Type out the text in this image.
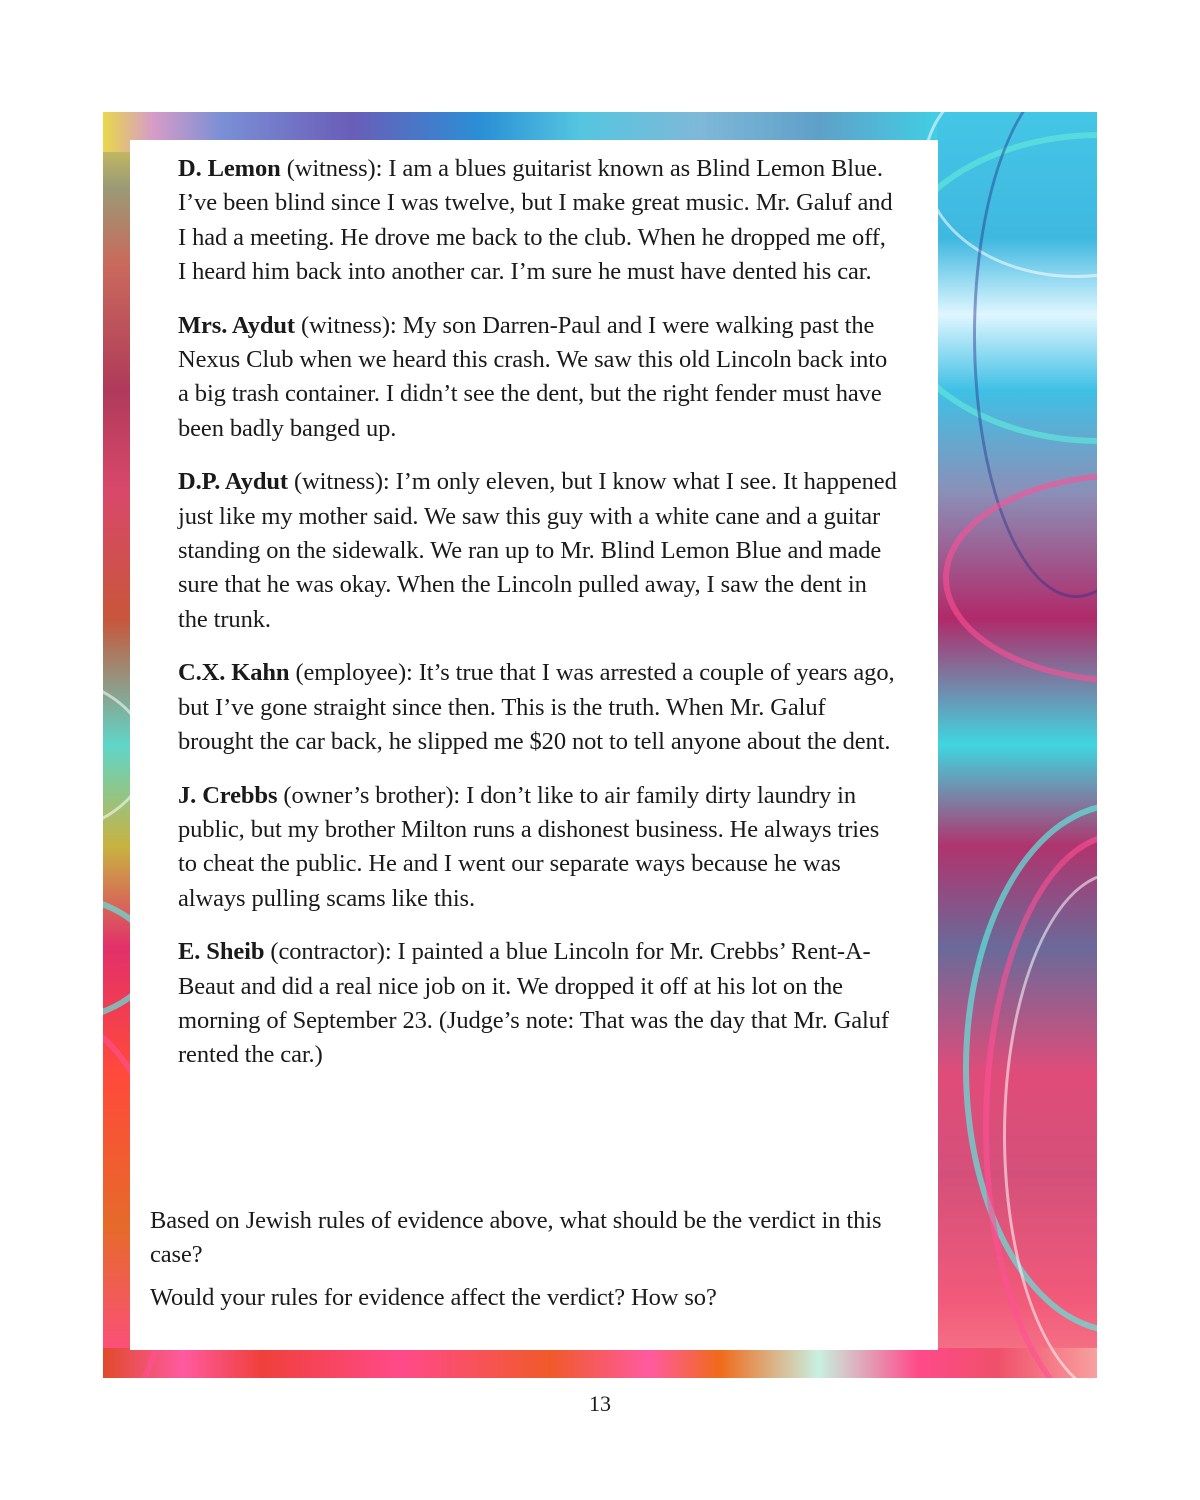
D. Lemon (witness): I am a blues guitarist known as Blind Lemon Blue. I’ve been blind since I was twelve, but I make great music. Mr. Galuf and I had a meeting. He drove me back to the club. When he dropped me off, I heard him back into another car. I’m sure he must have dented his car.

Mrs. Aydut (witness): My son Darren-Paul and I were walking past the Nexus Club when we heard this crash. We saw this old Lincoln back into a big trash container. I didn’t see the dent, but the right fender must have been badly banged up.

D.P. Aydut (witness): I’m only eleven, but I know what I see. It happened just like my mother said. We saw this guy with a white cane and a guitar standing on the sidewalk. We ran up to Mr. Blind Lemon Blue and made sure that he was okay. When the Lincoln pulled away, I saw the dent in the trunk.

C.X. Kahn (employee): It’s true that I was arrested a couple of years ago, but I’ve gone straight since then. This is the truth. When Mr. Galuf brought the car back, he slipped me $20 not to tell anyone about the dent.

J. Crebbs (owner’s brother): I don’t like to air family dirty laundry in public, but my brother Milton runs a dishonest business. He always tries to cheat the public. He and I went our separate ways because he was always pulling scams like this.

E. Sheib (contractor): I painted a blue Lincoln for Mr. Crebbs’ Rent-A-Beaut and did a real nice job on it. We dropped it off at his lot on the morning of September 23. (Judge’s note: That was the day that Mr. Galuf rented the car.)

Based on Jewish rules of evidence above, what should be the verdict in this case?

Would your rules for evidence affect the verdict? How so?

13
